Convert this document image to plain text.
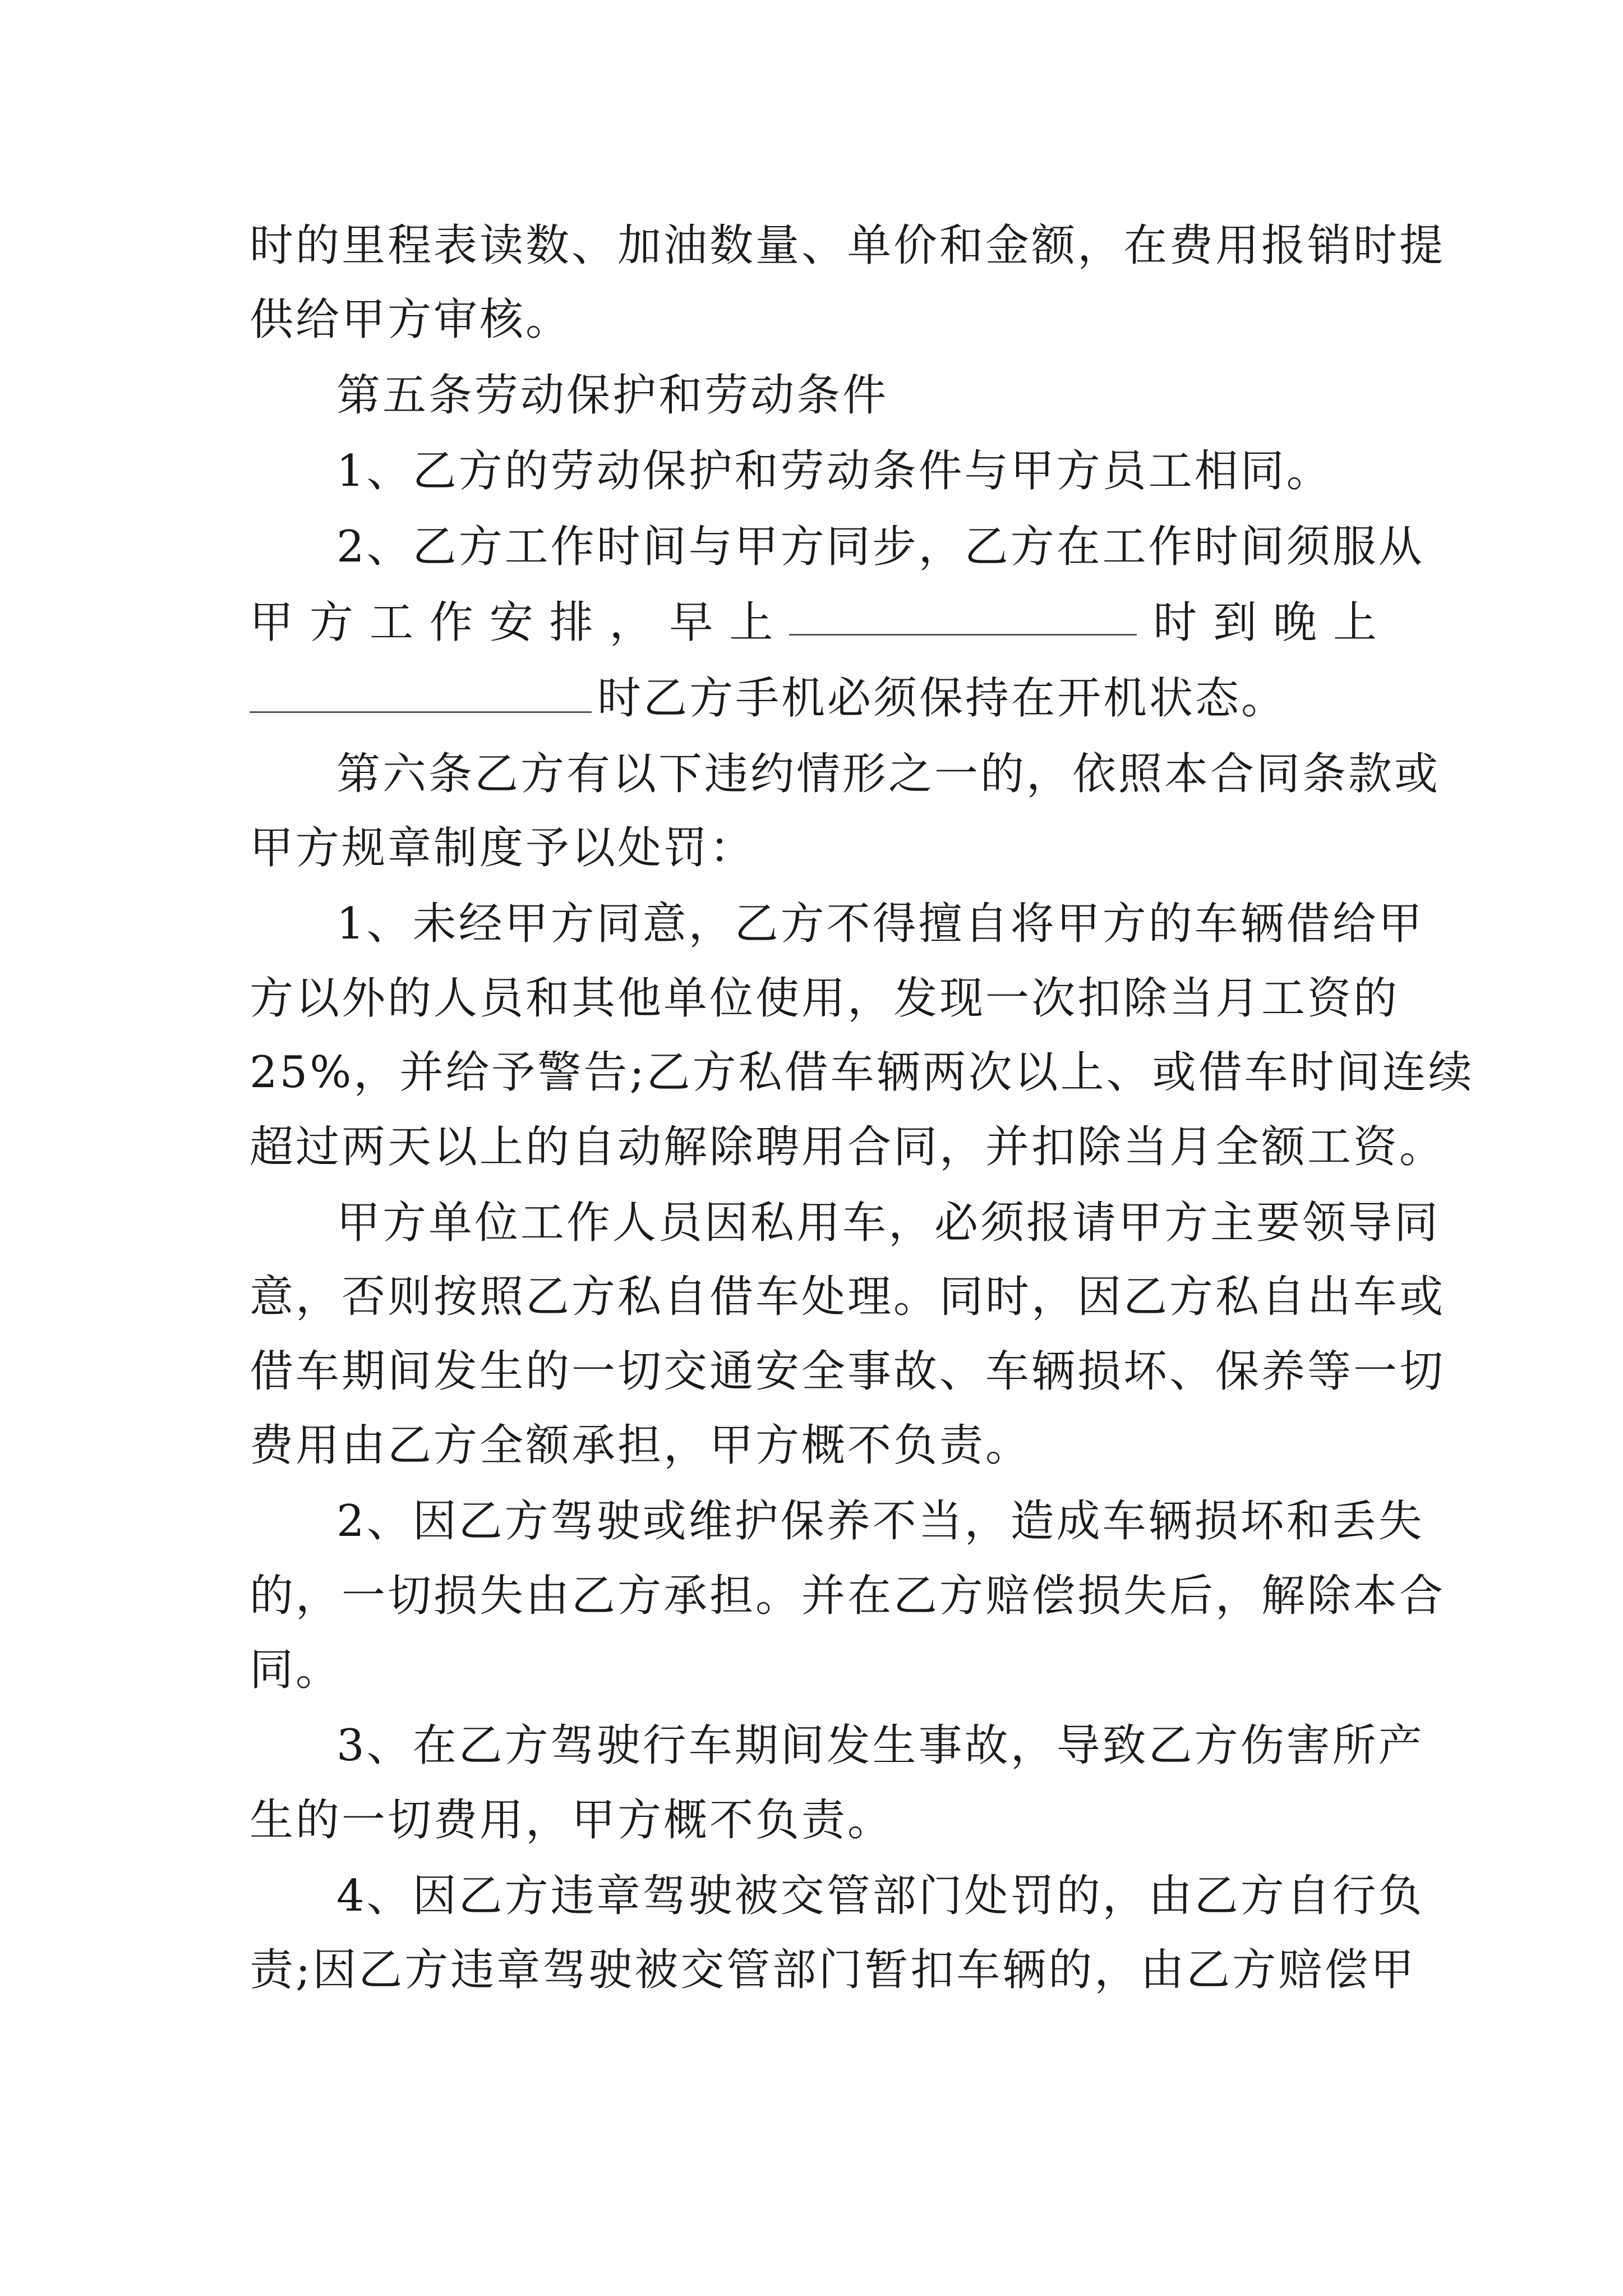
时的里程表读数、加油数量、单价和金额，在费用报销时提
供给甲方审核。
第五条劳动保护和劳动条件
1、乙方的劳动保护和劳动条件与甲方员工相同。
2、乙方工作时间与甲方同步，乙方在工作时间须服从
甲 方 工 作 安 排 ， 早 上	时 到 晚 上
时乙方手机必须保持在开机状态。
第六条乙方有以下违约情形之一的，依照本合同条款或
甲方规章制度予以处罚：
1、未经甲方同意，乙方不得擅自将甲方的车辆借给甲
方以外的人员和其他单位使用，发现一次扣除当月工资的
25%，并给予警告;乙方私借车辆两次以上、或借车时间连续
超过两天以上的自动解除聘用合同，并扣除当月全额工资。
甲方单位工作人员因私用车，必须报请甲方主要领导同
意，否则按照乙方私自借车处理。同时，因乙方私自出车或
借车期间发生的一切交通安全事故、车辆损坏、保养等一切
费用由乙方全额承担，甲方概不负责。
2、因乙方驾驶或维护保养不当，造成车辆损坏和丢失
的，一切损失由乙方承担。并在乙方赔偿损失后，解除本合
同。
3、在乙方驾驶行车期间发生事故，导致乙方伤害所产
生的一切费用，甲方概不负责。
4、因乙方违章驾驶被交管部门处罚的，由乙方自行负
责;因乙方违章驾驶被交管部门暂扣车辆的，由乙方赔偿甲
